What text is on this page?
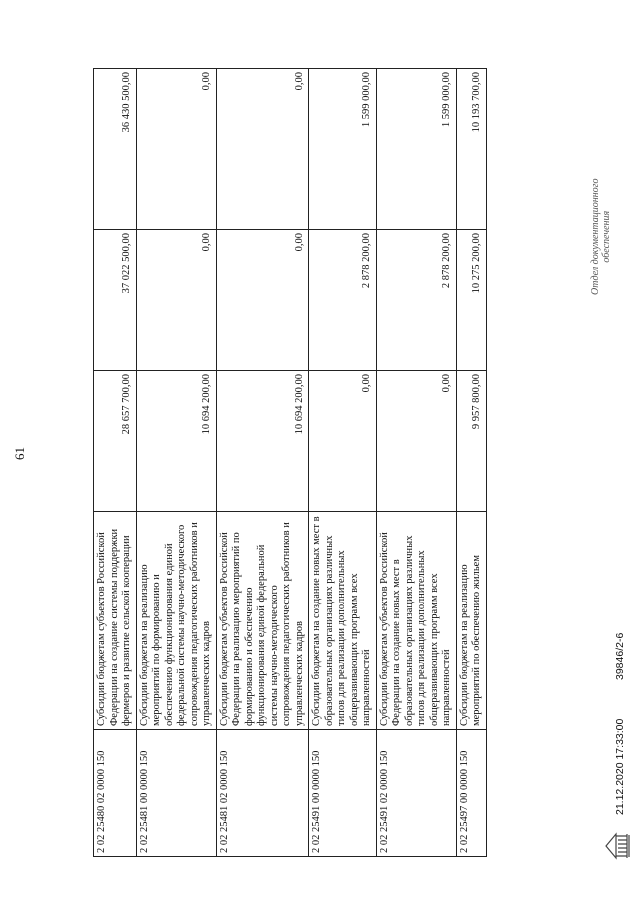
61
2 02 25480 02 0000 150	Субсидии бюджетам субъектов Российской Федерации на создание системы поддержки фермеров и развитие сельской кооперации	28 657 700,00	37 022 500,00	36 430 500,00
2 02 25481 00 0000 150	Субсидии бюджетам на реализацию мероприятий по формированию и обеспечению функционирования единой федеральной системы научно-методического сопровождения педагогических работников и управленческих кадров	10 694 200,00	0,00	0,00
2 02 25481 02 0000 150	Субсидии бюджетам субъектов Российской Федерации на реализацию мероприятий по формированию и обеспечению функционирования единой федеральной системы научно-методического сопровождения педагогических работников и управленческих кадров	10 694 200,00	0,00	0,00
2 02 25491 00 0000 150	Субсидии бюджетам на создание новых мест в образовательных организациях различных типов для реализации дополнительных общеразвивающих программ всех направленностей	0,00	2 878 200,00	1 599 000,00
2 02 25491 02 0000 150	Субсидии бюджетам субъектов Российской Федерации на создание новых мест в образовательных организациях различных типов для реализации дополнительных общеразвивающих программ всех направленностей	0,00	2 878 200,00	1 599 000,00
2 02 25497 00 0000 150	Субсидии бюджетам на реализацию мероприятий по обеспечению жильем	9 957 800,00	10 275 200,00	10 193 700,00
21.12.2020 17:33:00
39846/2-6
Отдел документационного обеспечения
